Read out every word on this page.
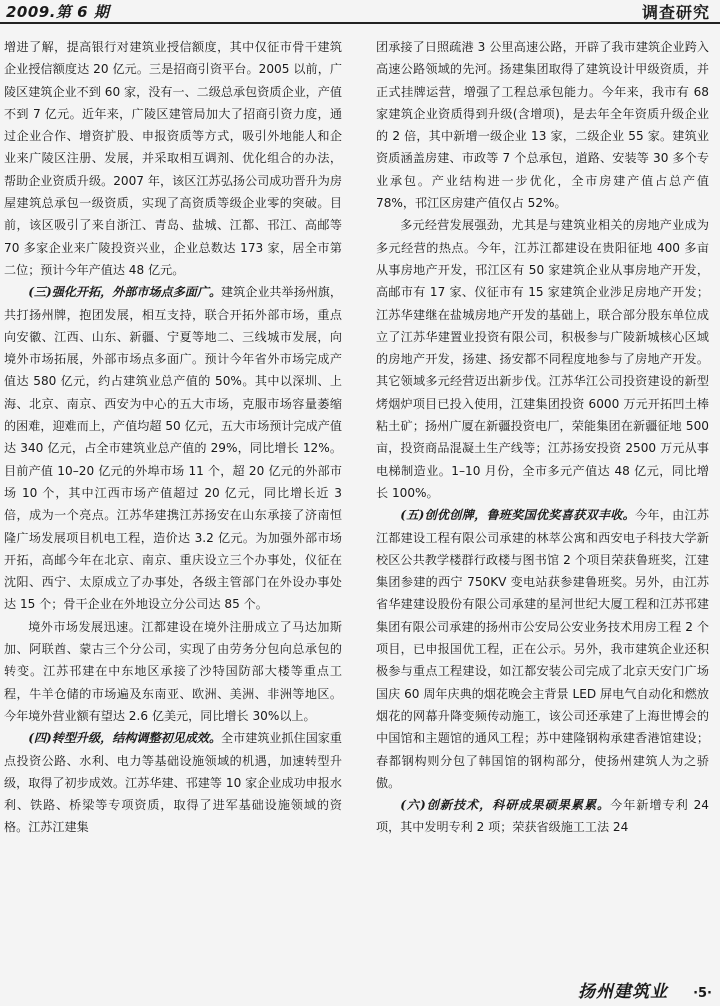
2009.第 6 期	调查研究

增进了解，提高银行对建筑业授信额度，其中仅征市骨干建筑企业授信额度达 20 亿元。三是招商引资平台。2005 以前，广陵区建筑企业不到 60 家，没有一、二级总承包资质企业，产值不到 7 亿元。近年来，广陵区建管局加大了招商引资力度，通过企业合作、增资扩股、申报资质等方式，吸引外地能人和企业来广陵区注册、发展，并采取相互调剂、优化组合的办法，帮助企业资质升级。2007 年，该区江苏弘扬公司成功晋升为房屋建筑总承包一级资质，实现了高资质等级企业零的突破。目前，该区吸引了来自浙江、青岛、盐城、江都、邗江、高邮等 70 多家企业来广陵投资兴业，企业总数达 173 家，居全市第二位；预计今年产值达 48 亿元。

(三)强化开拓，外部市场点多面广。建筑企业共举扬州旗，共打扬州牌，抱团发展，相互支持，联合开拓外部市场，重点向安徽、江西、山东、新疆、宁夏等地二、三线城市发展，向境外市场拓展，外部市场点多面广。预计今年省外市场完成产值达 580 亿元，约占建筑业总产值的 50%。其中以深圳、上海、北京、南京、西安为中心的五大市场，克服市场容量萎缩的困难，迎难而上，产值均超 50 亿元，五大市场预计完成产值达 340 亿元，占全市建筑业总产值的 29%，同比增长 12%。目前产值 10–20 亿元的外埠市场 11 个，超 20 亿元的外部市场 10 个，其中江西市场产值超过 20 亿元，同比增长近 3 倍，成为一个亮点。江苏华建携江苏扬安在山东承接了济南恒隆广场发展项目机电工程，造价达 3.2 亿元。为加强外部市场开拓，高邮今年在北京、南京、重庆设立三个办事处，仪征在沈阳、西宁、太原成立了办事处，各级主管部门在外设办事处达 15 个；骨干企业在外地设立分公司达 85 个。

境外市场发展迅速。江都建设在境外注册成立了马达加斯加、阿联酋、蒙古三个分公司，实现了由劳务分包向总承包的转变。江苏邗建在中东地区承接了沙特国防部大楼等重点工程，牛羊仓储的市场遍及东南亚、欧洲、美洲、非洲等地区。今年境外营业额有望达 2.6 亿美元，同比增长 30%以上。

(四)转型升级，结构调整初见成效。全市建筑业抓住国家重点投资公路、水利、电力等基础设施领域的机遇，加速转型升级，取得了初步成效。江苏华建、邗建等 10 家企业成功申报水利、铁路、桥梁等专项资质，取得了进军基础设施领域的资格。江苏江建集

团承接了日照疏港 3 公里高速公路，开辟了我市建筑企业跨入高速公路领域的先河。扬建集团取得了建筑设计甲级资质，并正式挂牌运营，增强了工程总承包能力。今年来，我市有 68 家建筑企业资质得到升级(含增项)，是去年全年资质升级企业的 2 倍，其中新增一级企业 13 家，二级企业 55 家。建筑业资质涵盖房建、市政等 7 个总承包，道路、安装等 30 多个专业承包。产业结构进一步优化，全市房建产值占总产值 78%，邗江区房建产值仅占 52%。

多元经营发展强劲，尤其是与建筑业相关的房地产业成为多元经营的热点。今年，江苏江都建设在贵阳征地 400 多亩从事房地产开发，邗江区有 50 家建筑企业从事房地产开发，高邮市有 17 家、仪征市有 15 家建筑企业涉足房地产开发；江苏华建继在盐城房地产开发的基础上，联合部分股东单位成立了江苏华建置业投资有限公司，积极参与广陵新城核心区域的房地产开发，扬建、扬安都不同程度地参与了房地产开发。其它领域多元经营迈出新步伐。江苏华江公司投资建设的新型烤烟炉项目已投入使用，江建集团投资 6000 万元开拓凹土棒粘土矿；扬州广厦在新疆投资电厂，荣能集团在新疆征地 500 亩，投资商品混凝土生产线等；江苏扬安投资 2500 万元从事电梯制造业。1–10 月份，全市多元产值达 48 亿元，同比增长 100%。

(五)创优创牌，鲁班奖国优奖喜获双丰收。今年，由江苏江都建设工程有限公司承建的林萃公寓和西安电子科技大学新校区公共教学楼群行政楼与图书馆 2 个项目荣获鲁班奖，江建集团参建的西宁 750KV 变电站获参建鲁班奖。另外，由江苏省华建建设股份有限公司承建的星河世纪大厦工程和江苏邗建集团有限公司承建的扬州市公安局公安业务技术用房工程 2 个项目，已申报国优工程，正在公示。另外，我市建筑企业还积极参与重点工程建设，如江都安装公司完成了北京天安门广场国庆 60 周年庆典的烟花晚会主背景 LED 屏电气自动化和燃放烟花的网幕升降变频传动施工，该公司还承建了上海世博会的中国馆和主题馆的通风工程；苏中建隆钢构承建香港馆建设；春都钢构则分包了韩国馆的钢构部分，使扬州建筑人为之骄傲。

(六)创新技术，科研成果硕果累累。今年新增专利 24 项，其中发明专利 2 项；荣获省级施工工法 24

扬州建筑业 ·5·
